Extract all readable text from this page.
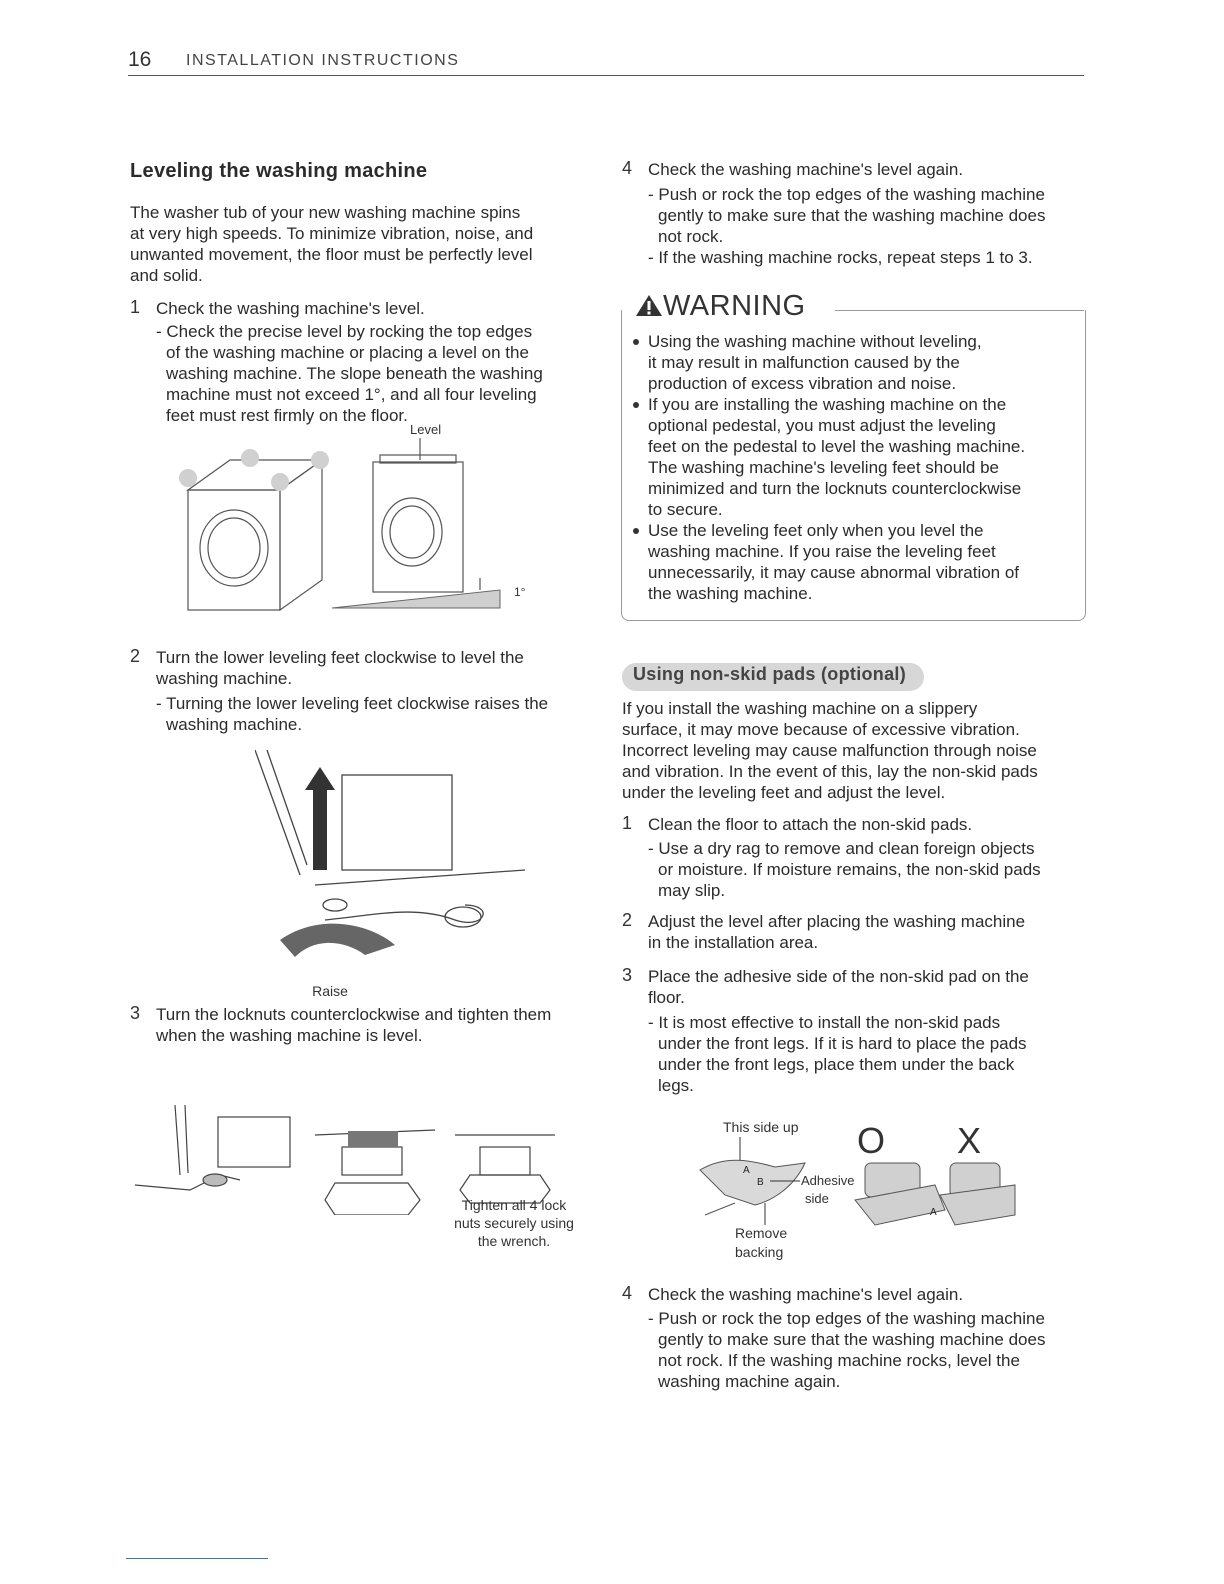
16 INSTALLATION INSTRUCTIONS
Leveling the washing machine
The washer tub of your new washing machine spins
at very high speeds. To minimize vibration, noise, and
unwanted movement, the floor must be perfectly level
and solid.
1 Check the washing machine's level.
- Check the precise level by rocking the top edges
of the washing machine or placing a level on the
washing machine. The slope beneath the washing
machine must not exceed 1°, and all four leveling
feet must rest firmly on the floor.
Level
1°
2 Turn the lower leveling feet clockwise to level the
washing machine.
- Turning the lower leveling feet clockwise raises the
washing machine.
Raise
3 Turn the locknuts counterclockwise and tighten them
when the washing machine is level.
Tighten all 4 lock
nuts securely using
the wrench.
4 Check the washing machine's level again.
- Push or rock the top edges of the washing machine
gently to make sure that the washing machine does
not rock.
- If the washing machine rocks, repeat steps 1 to 3.
WARNING
Using the washing machine without leveling,
it may result in malfunction caused by the
production of excess vibration and noise.
If you are installing the washing machine on the
optional pedestal, you must adjust the leveling
feet on the pedestal to level the washing machine.
The washing machine's leveling feet should be
minimized and turn the locknuts counterclockwise
to secure.
Use the leveling feet only when you level the
washing machine. If you raise the leveling feet
unnecessarily, it may cause abnormal vibration of
the washing machine.
Using non-skid pads (optional)
If you install the washing machine on a slippery
surface, it may move because of excessive vibration.
Incorrect leveling may cause malfunction through noise
and vibration. In the event of this, lay the non-skid pads
under the leveling feet and adjust the level.
1 Clean the floor to attach the non-skid pads.
- Use a dry rag to remove and clean foreign objects
or moisture. If moisture remains, the non-skid pads
may slip.
2 Adjust the level after placing the washing machine
in the installation area.
3 Place the adhesive side of the non-skid pad on the
floor.
- It is most effective to install the non-skid pads
under the front legs. If it is hard to place the pads
under the front legs, place them under the back
legs.
This side up
A
B	Adhesive
side
Remove
backing
O X
A
4 Check the washing machine's level again.
- Push or rock the top edges of the washing machine
gently to make sure that the washing machine does
not rock. If the washing machine rocks, level the
washing machine again.
